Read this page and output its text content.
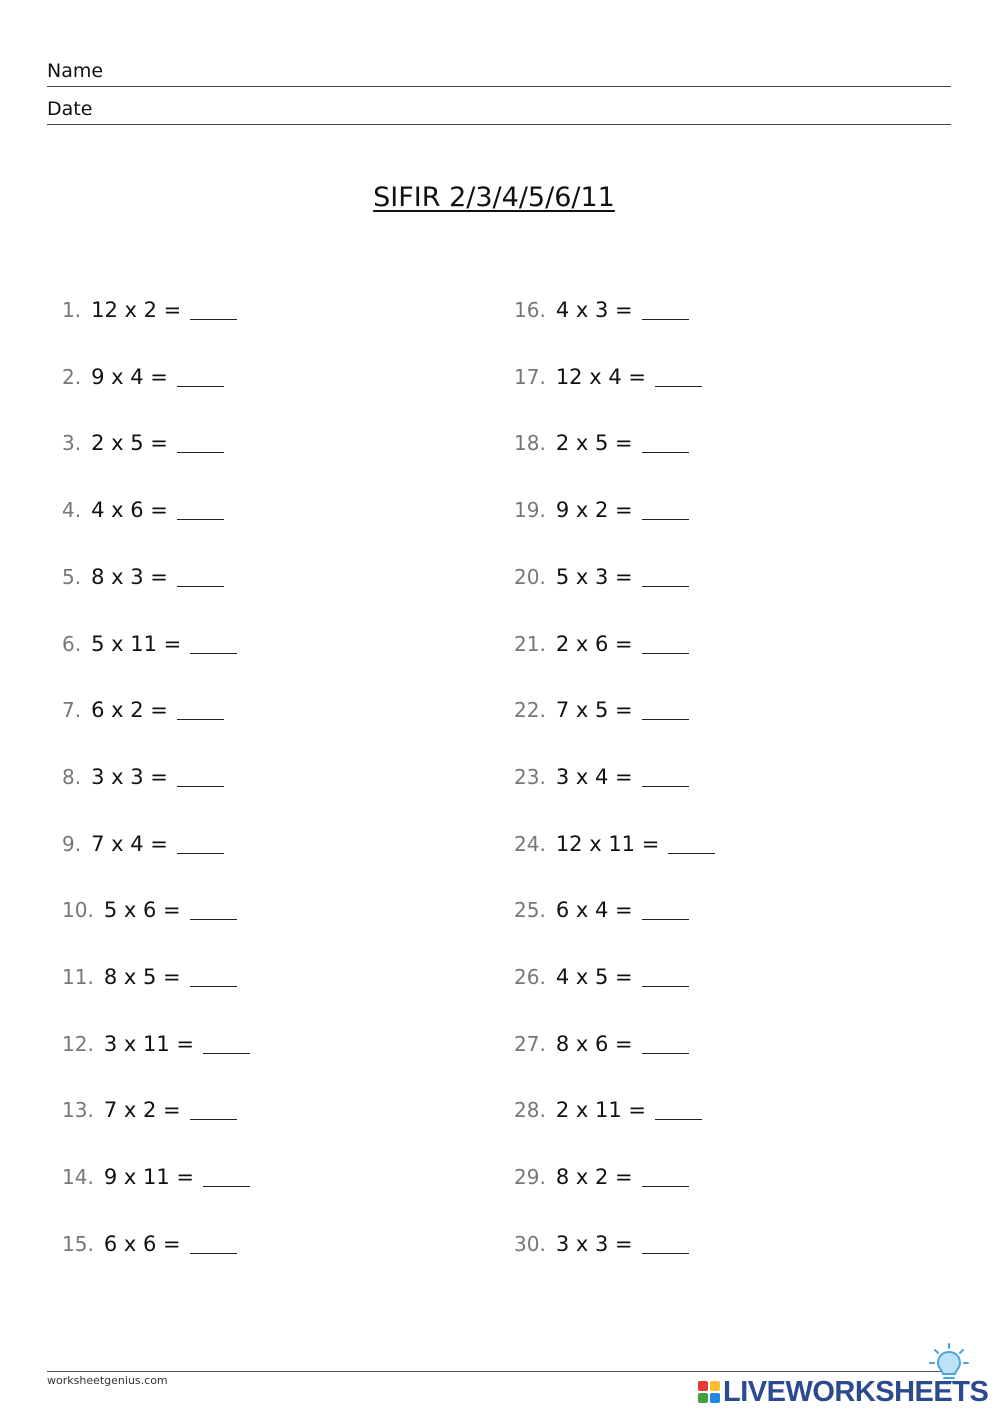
Name
Date
SIFIR 2/3/4/5/6/11
1. 12 x 2 =
2. 9 x 4 =
3. 2 x 5 =
4. 4 x 6 =
5. 8 x 3 =
6. 5 x 11 =
7. 6 x 2 =
8. 3 x 3 =
9. 7 x 4 =
10. 5 x 6 =
11. 8 x 5 =
12. 3 x 11 =
13. 7 x 2 =
14. 9 x 11 =
15. 6 x 6 =
16. 4 x 3 =
17. 12 x 4 =
18. 2 x 5 =
19. 9 x 2 =
20. 5 x 3 =
21. 2 x 6 =
22. 7 x 5 =
23. 3 x 4 =
24. 12 x 11 =
25. 6 x 4 =
26. 4 x 5 =
27. 8 x 6 =
28. 2 x 11 =
29. 8 x 2 =
30. 3 x 3 =
worksheetgenius.com	LIVEWORKSHEETS
